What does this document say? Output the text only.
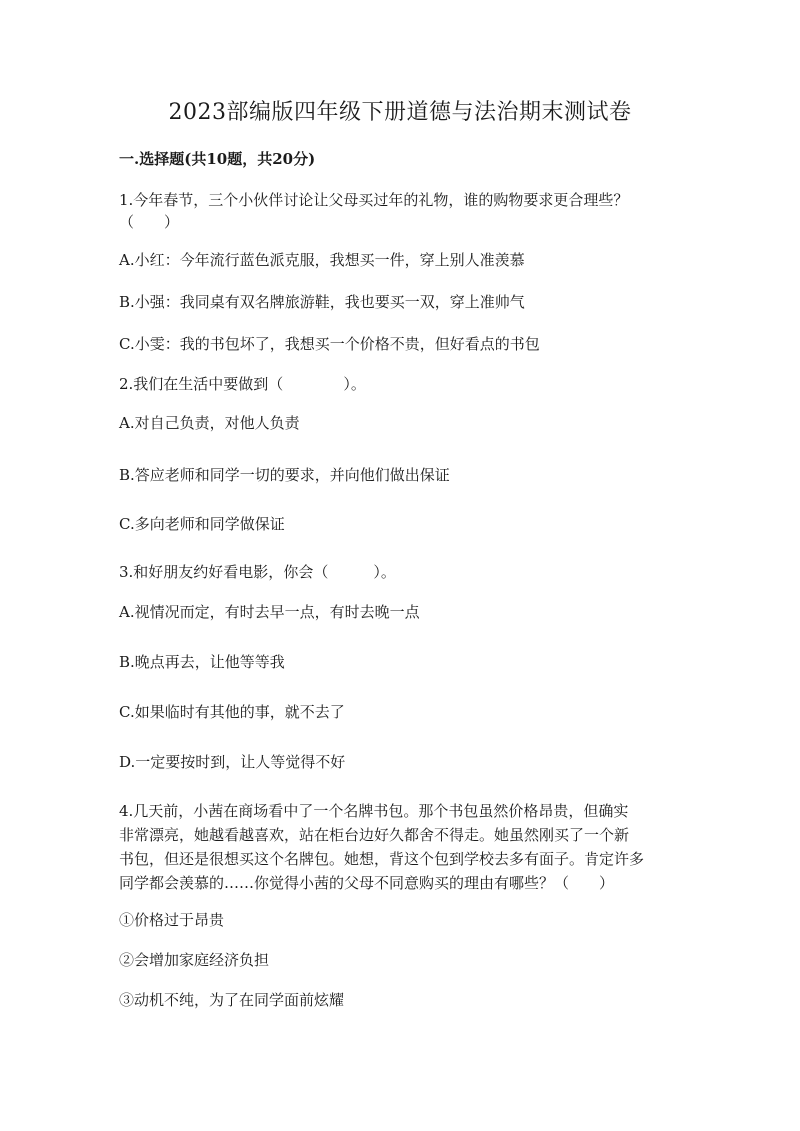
2023部编版四年级下册道德与法治期末测试卷
一.选择题(共10题，共20分)
1.今年春节，三个小伙伴讨论让父母买过年的礼物，谁的购物要求更合理些？
（　　）
A.小红：今年流行蓝色派克服，我想买一件，穿上别人准羡慕
B.小强：我同桌有双名牌旅游鞋，我也要买一双，穿上准帅气
C.小雯：我的书包坏了，我想买一个价格不贵，但好看点的书包
2.我们在生活中要做到（　　　　）。
A.对自己负责，对他人负责
B.答应老师和同学一切的要求，并向他们做出保证
C.多向老师和同学做保证
3.和好朋友约好看电影，你会（　　　）。
A.视情况而定，有时去早一点，有时去晚一点
B.晚点再去，让他等等我
C.如果临时有其他的事，就不去了
D.一定要按时到，让人等觉得不好
4.几天前，小茜在商场看中了一个名牌书包。那个书包虽然价格昂贵，但确实
非常漂亮，她越看越喜欢，站在柜台边好久都舍不得走。她虽然刚买了一个新
书包，但还是很想买这个名牌包。她想，背这个包到学校去多有面子。肯定许多
同学都会羡慕的……你觉得小茜的父母不同意购买的理由有哪些？（　　）
①价格过于昂贵
②会增加家庭经济负担
③动机不纯，为了在同学面前炫耀
